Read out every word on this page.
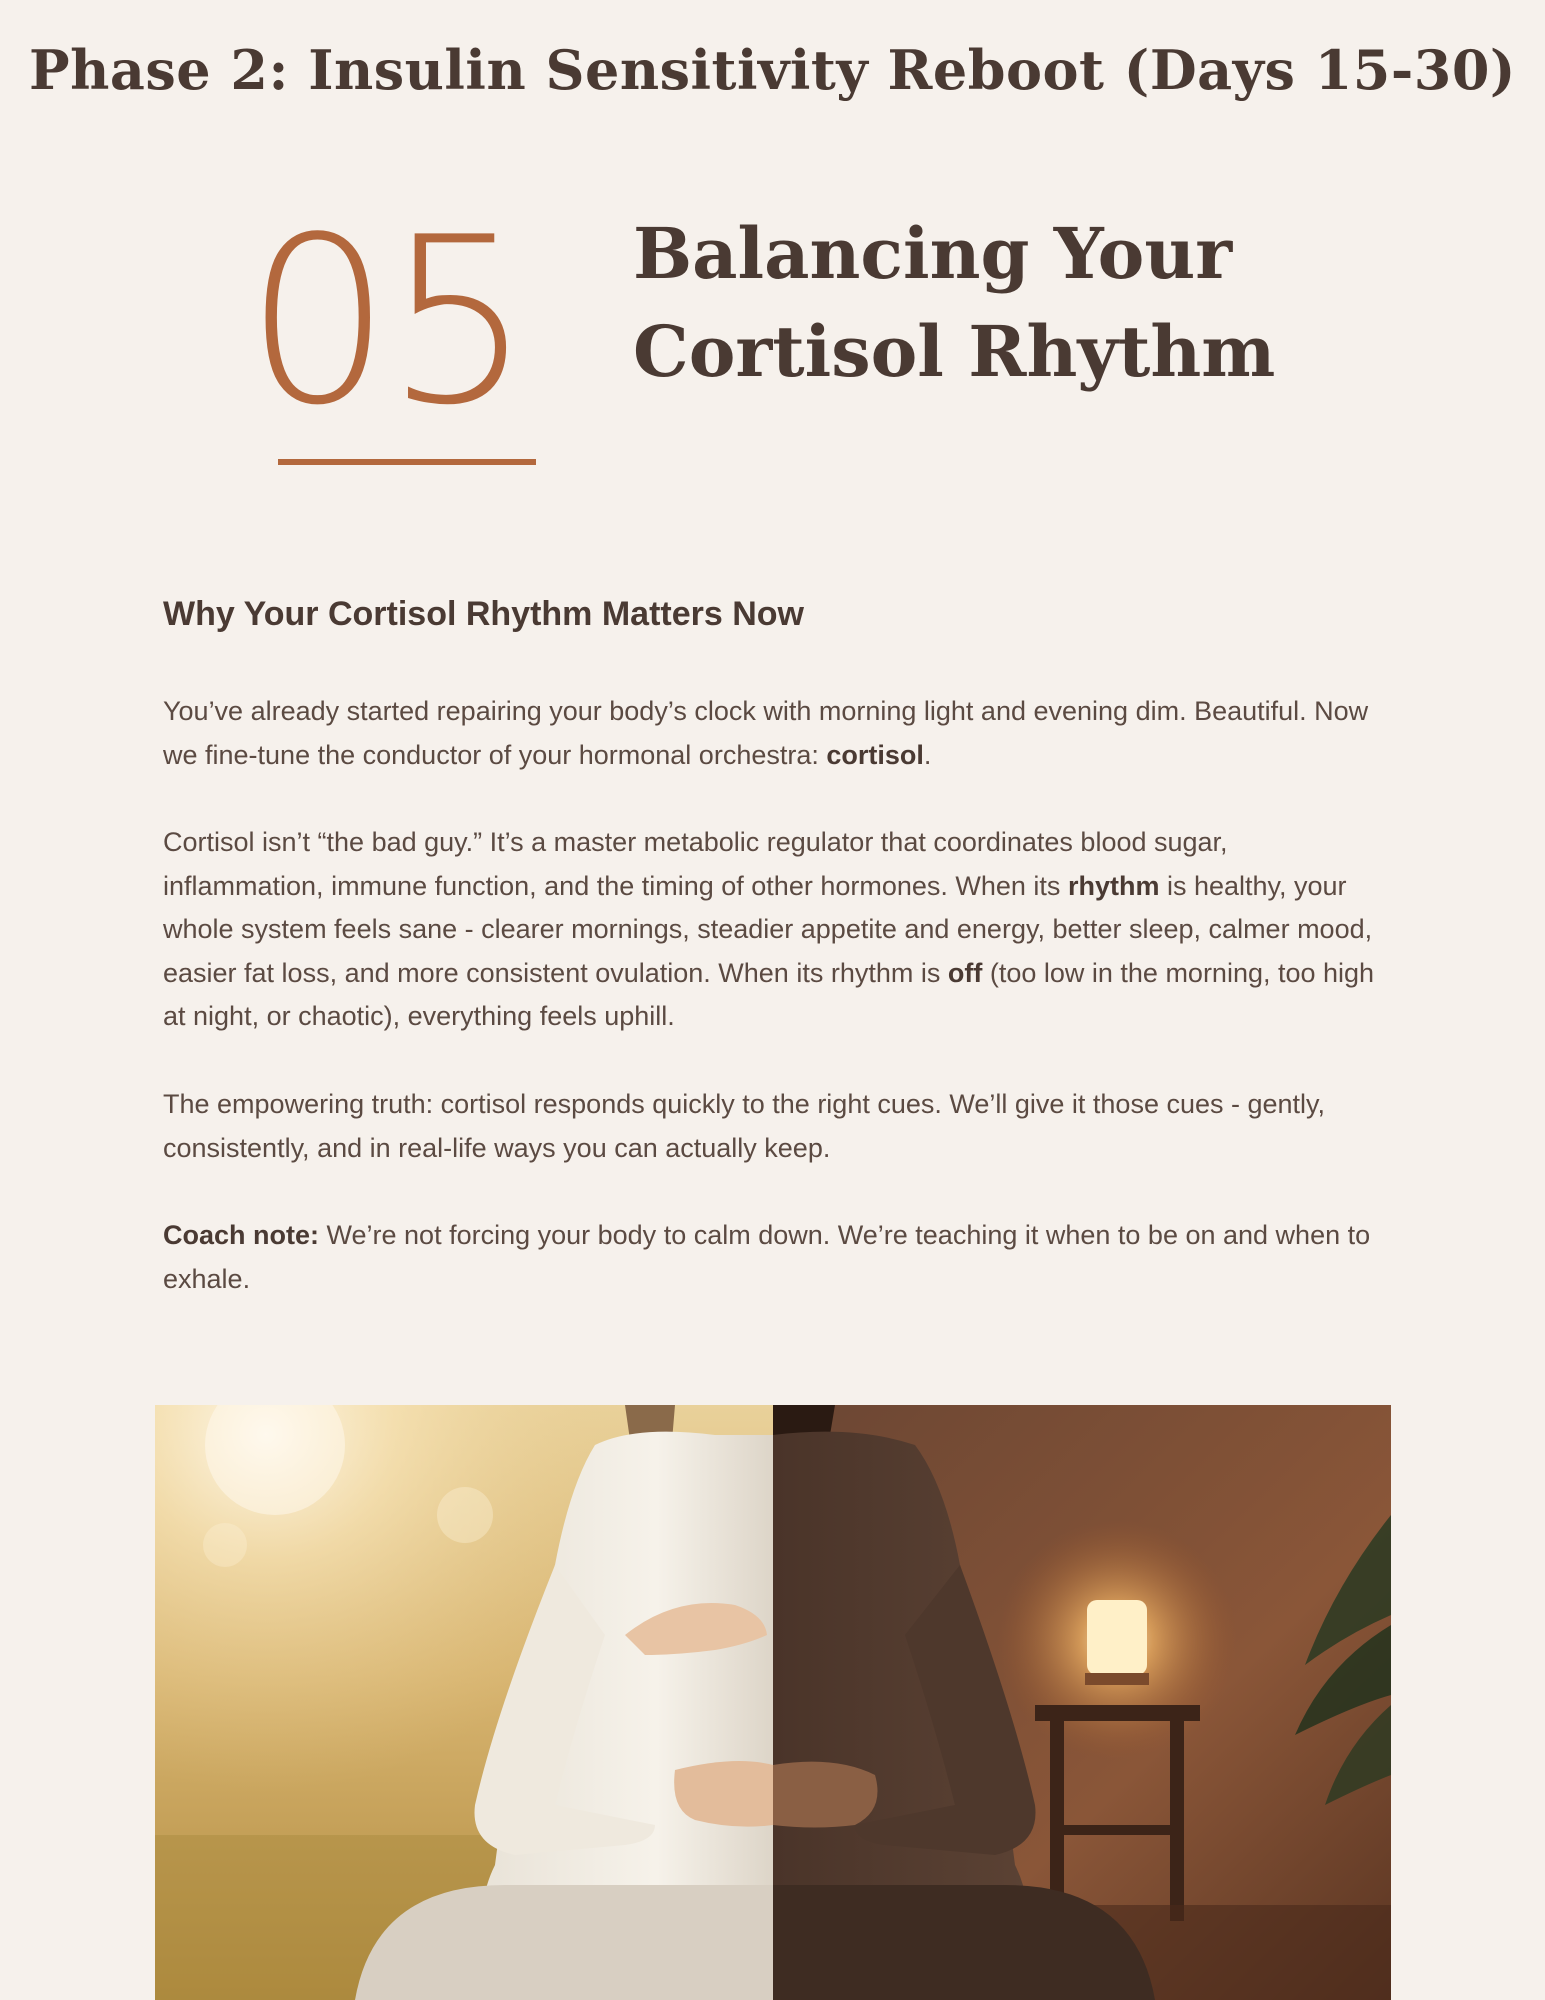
Phase 2: Insulin Sensitivity Reboot (Days 15-30)
05	Balancing Your Cortisol Rhythm
Why Your Cortisol Rhythm Matters Now

You’ve already started repairing your body’s clock with morning light and evening dim. Beautiful. Now we fine-tune the conductor of your hormonal orchestra: cortisol.

Cortisol isn’t “the bad guy.” It’s a master metabolic regulator that coordinates blood sugar, inflammation, immune function, and the timing of other hormones. When its rhythm is healthy, your whole system feels sane - clearer mornings, steadier appetite and energy, better sleep, calmer mood, easier fat loss, and more consistent ovulation. When its rhythm is off (too low in the morning, too high at night, or chaotic), everything feels uphill.

The empowering truth: cortisol responds quickly to the right cues. We’ll give it those cues - gently, consistently, and in real-life ways you can actually keep.

Coach note: We’re not forcing your body to calm down. We’re teaching it when to be on and when to exhale.
